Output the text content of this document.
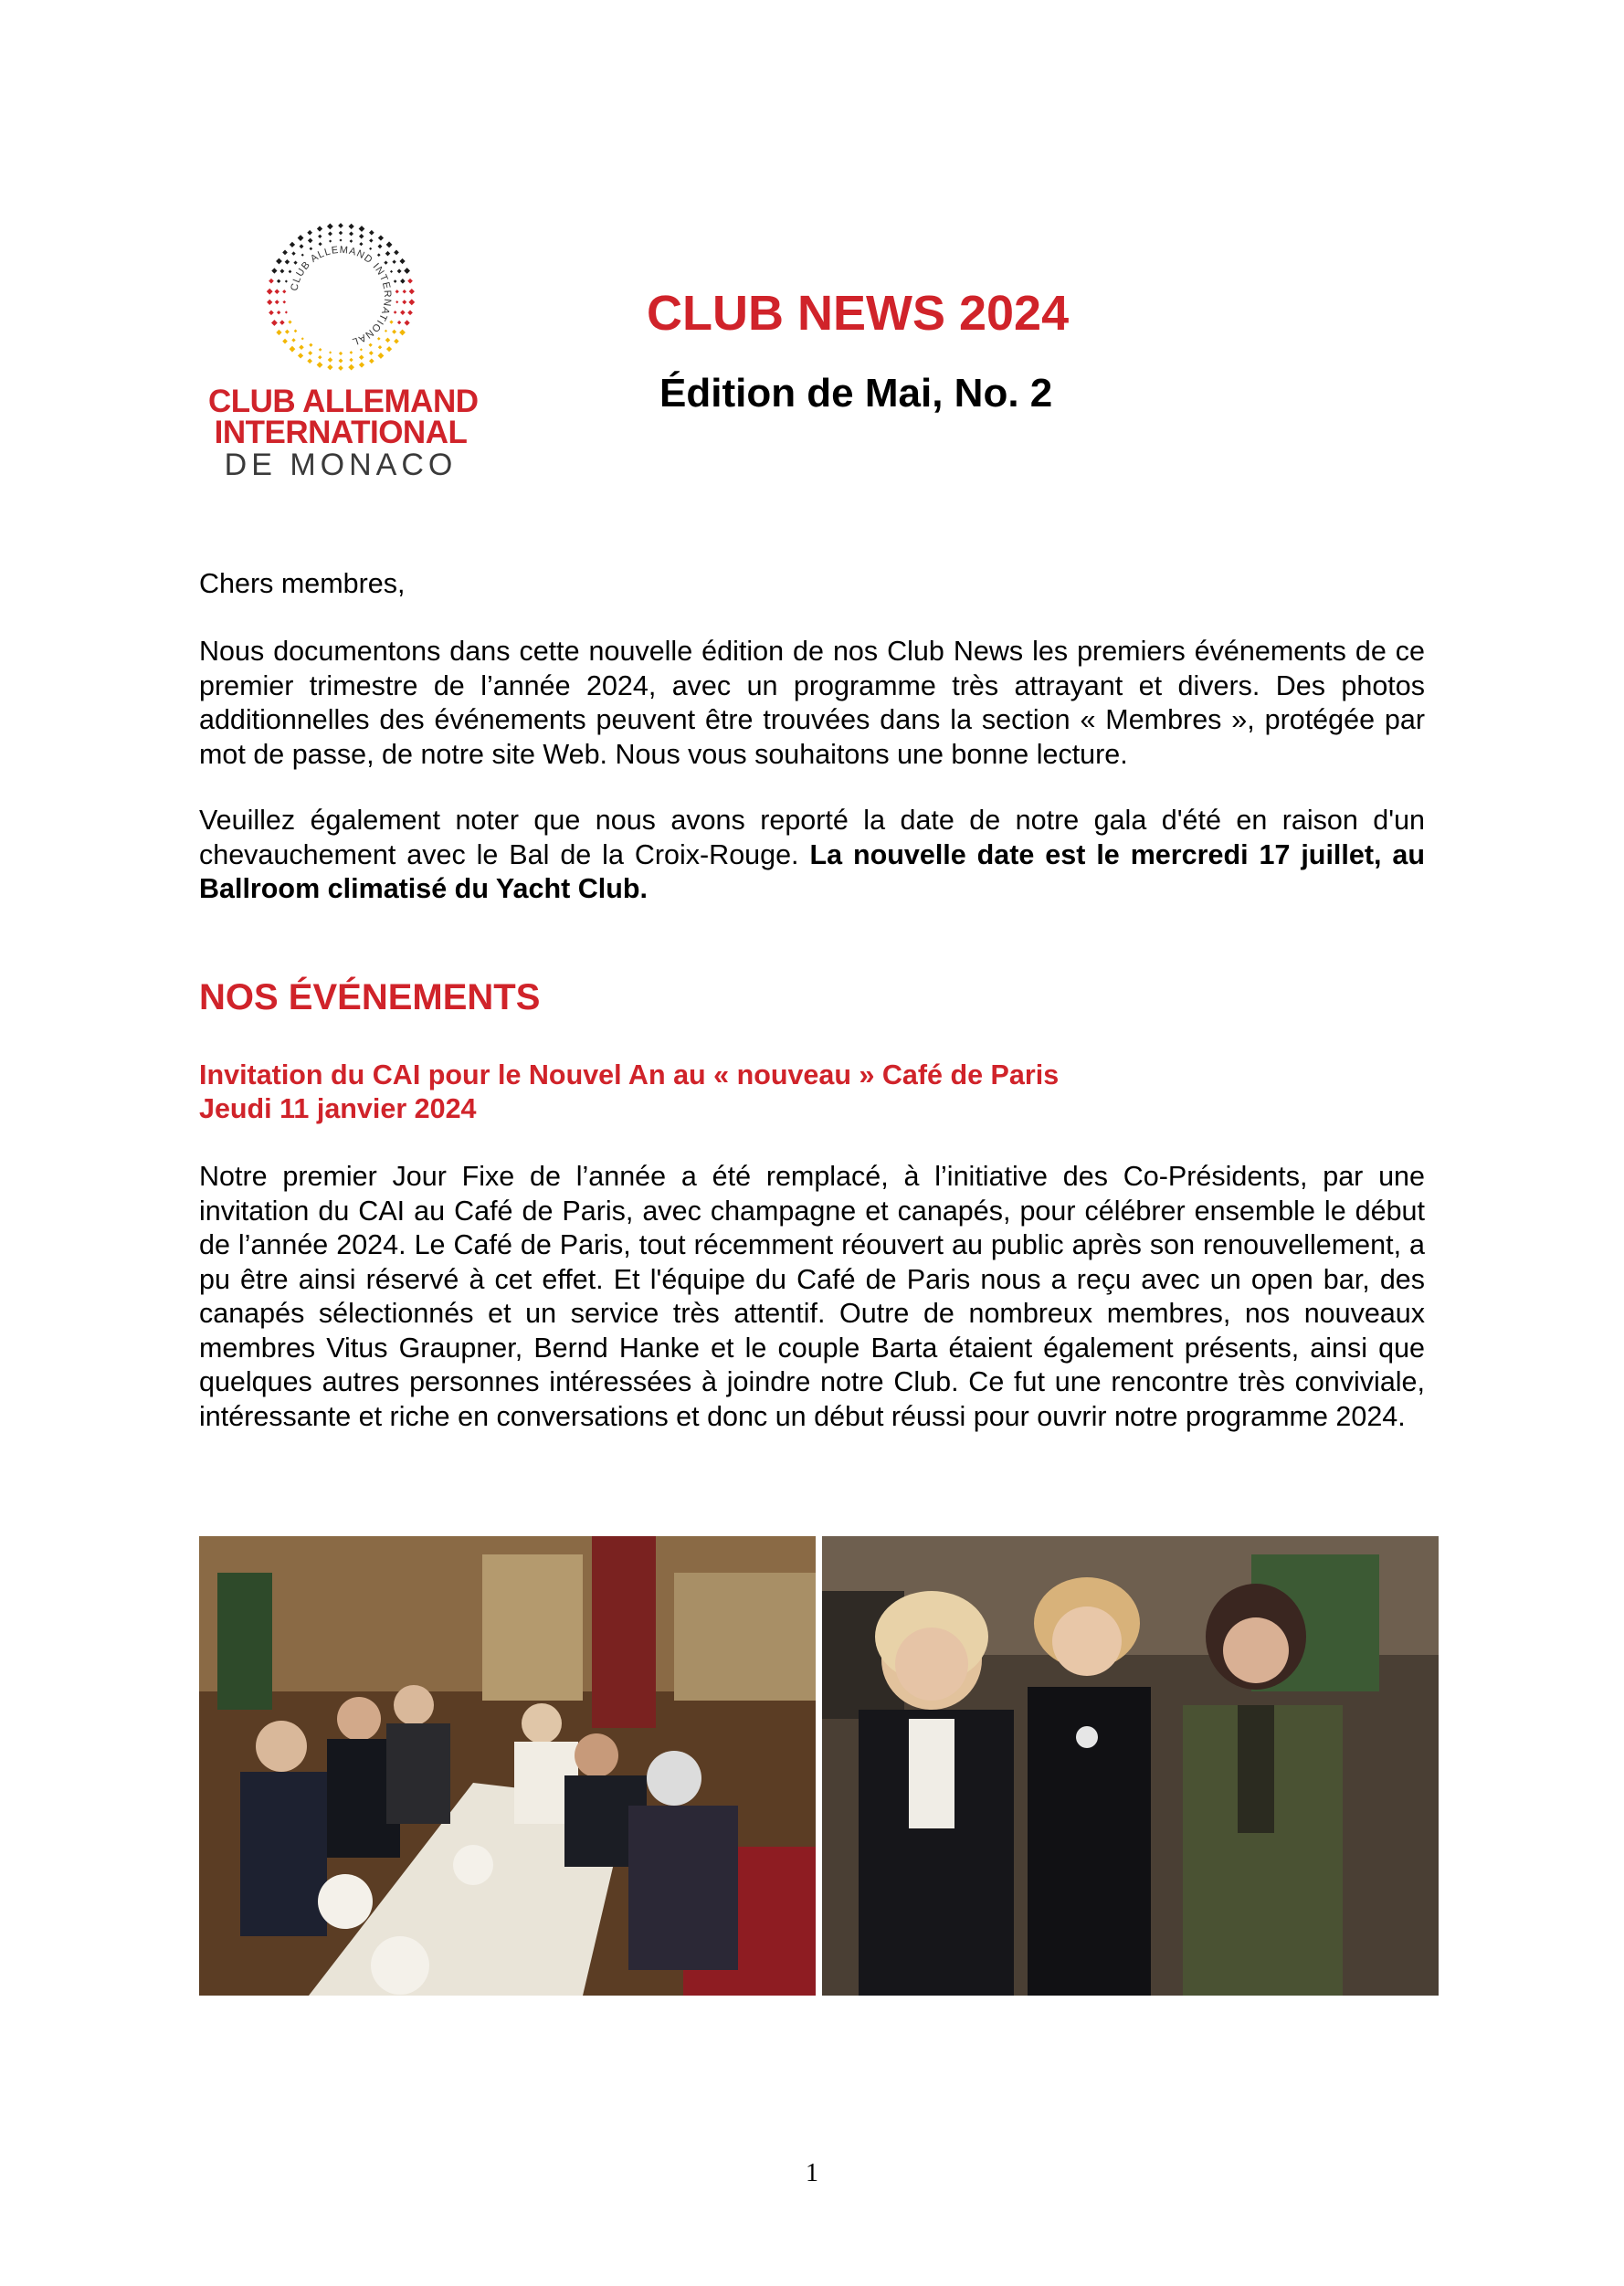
CLUB ALLEMAND INTERNATIONAL
CLUB ALLEMAND
INTERNATIONAL
DE MONACO
CLUB NEWS 2024
Édition de Mai, No. 2
Chers membres,
Nous documentons dans cette nouvelle édition de nos Club News les premiers événements de ce premier trimestre de l’année 2024, avec un programme très attrayant et divers. Des photos additionnelles des événements peuvent être trouvées dans la section « Membres », protégée par mot de passe, de notre site Web. Nous vous souhaitons une bonne lecture.
Veuillez également noter que nous avons reporté la date de notre gala d'été en raison d'un chevauchement avec le Bal de la Croix-Rouge. La nouvelle date est le mercredi 17 juillet, au Ballroom climatisé du Yacht Club.
NOS ÉVÉNEMENTS
Invitation du CAI pour le Nouvel An au « nouveau » Café de Paris
Jeudi 11 janvier 2024
Notre premier Jour Fixe de l’année a été remplacé, à l’initiative des Co-Présidents, par une invitation du CAI au Café de Paris, avec champagne et canapés, pour célébrer ensemble le début de l’année 2024. Le Café de Paris, tout récemment réouvert au public après son renouvellement, a pu être ainsi réservé à cet effet. Et l'équipe du Café de Paris nous a reçu avec un open bar, des canapés sélectionnés et un service très attentif. Outre de nombreux membres, nos nouveaux membres Vitus Graupner, Bernd Hanke et le couple Barta étaient également présents, ainsi que quelques autres personnes intéressées à joindre notre Club. Ce fut une rencontre très conviviale, intéressante et riche en conversations et donc un début réussi pour ouvrir notre programme 2024.
1
